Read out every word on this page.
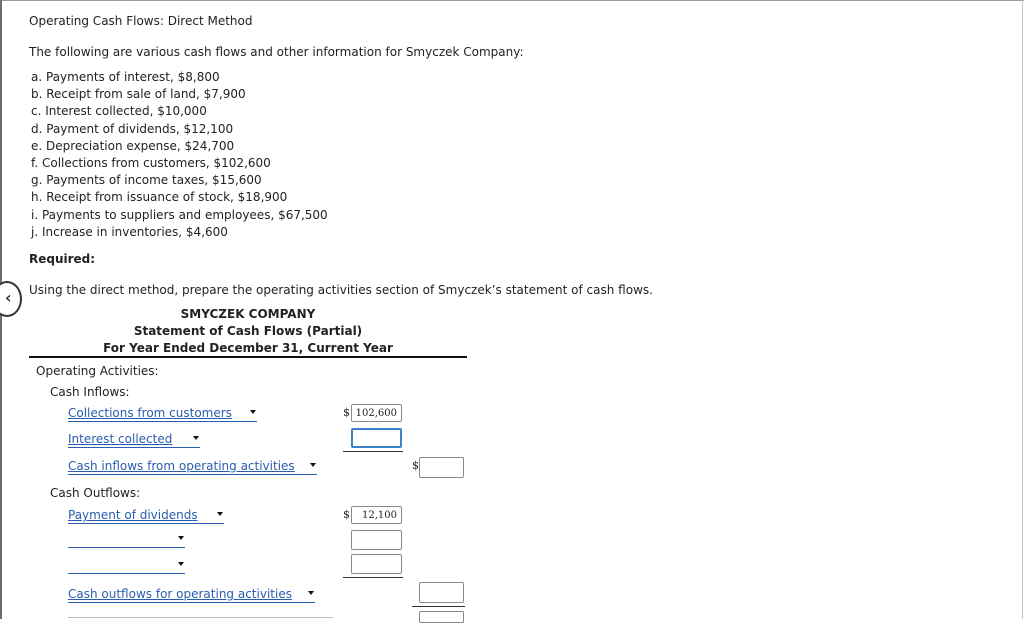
Operating Cash Flows: Direct Method
The following are various cash flows and other information for Smyczek Company:
a. Payments of interest, $8,800
b. Receipt from sale of land, $7,900
c. Interest collected, $10,000
d. Payment of dividends, $12,100
e. Depreciation expense, $24,700
f. Collections from customers, $102,600
g. Payments of income taxes, $15,600
h. Receipt from issuance of stock, $18,900
i. Payments to suppliers and employees, $67,500
j. Increase in inventories, $4,600
Required:
‹ Using the direct method, prepare the operating activities section of Smyczek’s statement of cash flows.
SMYCZEK COMPANY
Statement of Cash Flows (Partial)
For Year Ended December 31, Current Year
Operating Activities:
Cash Inflows:
Collections from customers	$ 102,600
Interest collected
Cash inflows from operating activities	$
Cash Outflows:
Payment of dividends	$	12,100
Cash outflows for operating activities
